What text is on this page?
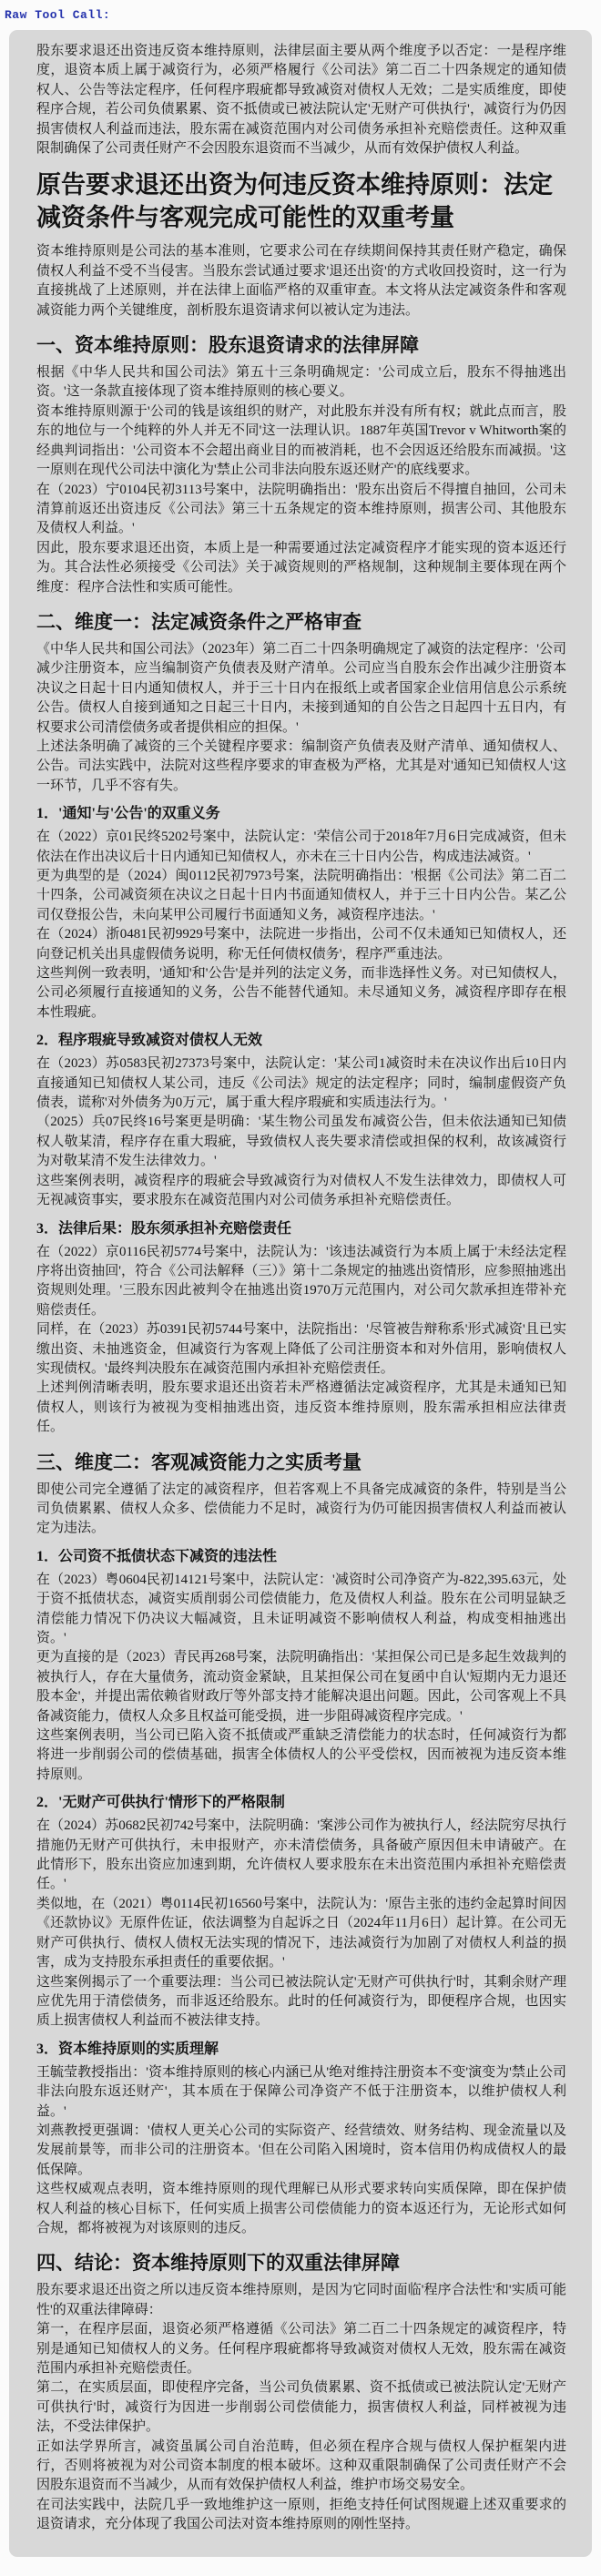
Raw Tool Call:

股东要求退还出资违反资本维持原则，法律层面主要从两个维度予以否定：一是程序维度，退资本质上属于减资行为，必须严格履行《公司法》第二百二十四条规定的通知债权人、公告等法定程序，任何程序瑕疵都导致减资对债权人无效；二是实质维度，即使程序合规，若公司负债累累、资不抵债或已被法院认定'无财产可供执行'，减资行为仍因损害债权人利益而违法，股东需在减资范围内对公司债务承担补充赔偿责任。这种双重限制确保了公司责任财产不会因股东退资而不当减少，从而有效保护债权人利益。

原告要求退还出资为何违反资本维持原则：法定减资条件与客观完成可能性的双重考量

资本维持原则是公司法的基本准则，它要求公司在存续期间保持其责任财产稳定，确保债权人利益不受不当侵害。当股东尝试通过要求'退还出资'的方式收回投资时，这一行为直接挑战了上述原则，并在法律上面临严格的双重审查。本文将从法定减资条件和客观减资能力两个关键维度，剖析股东退资请求何以被认定为违法。

一、资本维持原则：股东退资请求的法律屏障

根据《中华人民共和国公司法》第五十三条明确规定：'公司成立后，股东不得抽逃出资。'这一条款直接体现了资本维持原则的核心要义。

资本维持原则源于'公司的钱是该组织的财产，对此股东并没有所有权；就此点而言，股东的地位与一个纯粹的外人并无不同'这一法理认识。1887年英国Trevor v Whitworth案的经典判词指出：'公司资本不会超出商业目的而被消耗，也不会因返还给股东而减损。'这一原则在现代公司法中演化为'禁止公司非法向股东返还财产'的底线要求。

在（2023）宁0104民初3113号案中，法院明确指出：'股东出资后不得擅自抽回，公司未清算前返还出资违反《公司法》第三十五条规定的资本维持原则，损害公司、其他股东及债权人利益。'

因此，股东要求退还出资，本质上是一种需要通过法定减资程序才能实现的资本返还行为。其合法性必须接受《公司法》关于减资规则的严格规制，这种规制主要体现在两个维度：程序合法性和实质可能性。

二、维度一：法定减资条件之严格审查

《中华人民共和国公司法》（2023年）第二百二十四条明确规定了减资的法定程序：'公司减少注册资本，应当编制资产负债表及财产清单。公司应当自股东会作出减少注册资本决议之日起十日内通知债权人，并于三十日内在报纸上或者国家企业信用信息公示系统公告。债权人自接到通知之日起三十日内，未接到通知的自公告之日起四十五日内，有权要求公司清偿债务或者提供相应的担保。'

上述法条明确了减资的三个关键程序要求：编制资产负债表及财产清单、通知债权人、公告。司法实践中，法院对这些程序要求的审查极为严格，尤其是对'通知已知债权人'这一环节，几乎不容有失。

1．'通知'与'公告'的双重义务

在（2022）京01民终5202号案中，法院认定：'荣信公司于2018年7月6日完成减资，但未依法在作出决议后十日内通知已知债权人，亦未在三十日内公告，构成违法减资。'

更为典型的是（2024）闽0112民初7973号案，法院明确指出：'根据《公司法》第二百二十四条，公司减资须在决议之日起十日内书面通知债权人，并于三十日内公告。某乙公司仅登报公告，未向某甲公司履行书面通知义务，减资程序违法。'

在（2024）浙0481民初9929号案中，法院进一步指出，公司不仅未通知已知债权人，还向登记机关出具虚假债务说明，称'无任何债权债务'，程序严重违法。

这些判例一致表明，'通知'和'公告'是并列的法定义务，而非选择性义务。对已知债权人，公司必须履行直接通知的义务，公告不能替代通知。未尽通知义务，减资程序即存在根本性瑕疵。

2．程序瑕疵导致减资对债权人无效

在（2023）苏0583民初27373号案中，法院认定：'某公司1减资时未在决议作出后10日内直接通知已知债权人某公司，违反《公司法》规定的法定程序；同时，编制虚假资产负债表，谎称'对外债务为0万元'，属于重大程序瑕疵和实质违法行为。'

（2025）兵07民终16号案更是明确：'某生物公司虽发布减资公告，但未依法通知已知债权人敬某清，程序存在重大瑕疵，导致债权人丧失要求清偿或担保的权利，故该减资行为对敬某清不发生法律效力。'

这些案例表明，减资程序的瑕疵会导致减资行为对债权人不发生法律效力，即债权人可无视减资事实，要求股东在减资范围内对公司债务承担补充赔偿责任。

3．法律后果：股东须承担补充赔偿责任

在（2022）京0116民初5774号案中，法院认为：'该违法减资行为本质上属于'未经法定程序将出资抽回'，符合《公司法解释（三）》第十二条规定的抽逃出资情形，应参照抽逃出资规则处理。'三股东因此被判令在抽逃出资1970万元范围内，对公司欠款承担连带补充赔偿责任。

同样，在（2023）苏0391民初5744号案中，法院指出：'尽管被告辩称系'形式减资'且已实缴出资、未抽逃资金，但减资行为客观上降低了公司注册资本和对外信用，影响债权人实现债权。'最终判决股东在减资范围内承担补充赔偿责任。

上述判例清晰表明，股东要求退还出资若未严格遵循法定减资程序，尤其是未通知已知债权人，则该行为被视为变相抽逃出资，违反资本维持原则，股东需承担相应法律责任。

三、维度二：客观减资能力之实质考量

即使公司完全遵循了法定的减资程序，但若客观上不具备完成减资的条件，特别是当公司负债累累、债权人众多、偿债能力不足时，减资行为仍可能因损害债权人利益而被认定为违法。

1．公司资不抵债状态下减资的违法性

在（2023）粤0604民初14121号案中，法院认定：'减资时公司净资产为-822,395.63元，处于资不抵债状态，减资实质削弱公司偿债能力，危及债权人利益。股东在公司明显缺乏清偿能力情况下仍决议大幅减资，且未证明减资不影响债权人利益，构成变相抽逃出资。'

更为直接的是（2023）青民再268号案，法院明确指出：'某担保公司已是多起生效裁判的被执行人，存在大量债务，流动资金紧缺，且某担保公司在复函中自认'短期内无力退还股本金'，并提出需依赖省财政厅等外部支持才能解决退出问题。因此，公司客观上不具备减资能力，债权人众多且权益可能受损，进一步阻碍减资程序完成。'

这些案例表明，当公司已陷入资不抵债或严重缺乏清偿能力的状态时，任何减资行为都将进一步削弱公司的偿债基础，损害全体债权人的公平受偿权，因而被视为违反资本维持原则。

2．'无财产可供执行'情形下的严格限制

在（2024）苏0682民初742号案中，法院明确：'案涉公司作为被执行人，经法院穷尽执行措施仍无财产可供执行，未申报财产，亦未清偿债务，具备破产原因但未申请破产。在此情形下，股东出资应加速到期，允许债权人要求股东在未出资范围内承担补充赔偿责任。'

类似地，在（2021）粤0114民初16560号案中，法院认为：'原告主张的违约金起算时间因《还款协议》无原件佐证，依法调整为自起诉之日（2024年11月6日）起计算。在公司无财产可供执行、债权人债权无法实现的情况下，违法减资行为加剧了对债权人利益的损害，成为支持股东承担责任的重要依据。'

这些案例揭示了一个重要法理：当公司已被法院认定'无财产可供执行'时，其剩余财产理应优先用于清偿债务，而非返还给股东。此时的任何减资行为，即便程序合规，也因实质上损害债权人利益而不被法律支持。

3．资本维持原则的实质理解

王毓莹教授指出：'资本维持原则的核心内涵已从'绝对维持注册资本不变'演变为'禁止公司非法向股东返还财产'，其本质在于保障公司净资产不低于注册资本，以维护债权人利益。'

刘燕教授更强调：'债权人更关心公司的实际资产、经营绩效、财务结构、现金流量以及发展前景等，而非公司的注册资本。'但在公司陷入困境时，资本信用仍构成债权人的最低保障。

这些权威观点表明，资本维持原则的现代理解已从形式要求转向实质保障，即在保护债权人利益的核心目标下，任何实质上损害公司偿债能力的资本返还行为，无论形式如何合规，都将被视为对该原则的违反。

四、结论：资本维持原则下的双重法律屏障

股东要求退还出资之所以违反资本维持原则，是因为它同时面临'程序合法性'和'实质可能性'的双重法律障碍：

第一，在程序层面，退资必须严格遵循《公司法》第二百二十四条规定的减资程序，特别是通知已知债权人的义务。任何程序瑕疵都将导致减资对债权人无效，股东需在减资范围内承担补充赔偿责任。

第二，在实质层面，即使程序完备，当公司负债累累、资不抵债或已被法院认定'无财产可供执行'时，减资行为因进一步削弱公司偿债能力，损害债权人利益，同样被视为违法，不受法律保护。

正如法学界所言，减资虽属公司自治范畴，但必须在程序合规与债权人保护框架内进行，否则将被视为对公司资本制度的根本破坏。这种双重限制确保了公司责任财产不会因股东退资而不当减少，从而有效保护债权人利益，维护市场交易安全。

在司法实践中，法院几乎一致地维护这一原则，拒绝支持任何试图规避上述双重要求的退资请求，充分体现了我国公司法对资本维持原则的刚性坚持。
